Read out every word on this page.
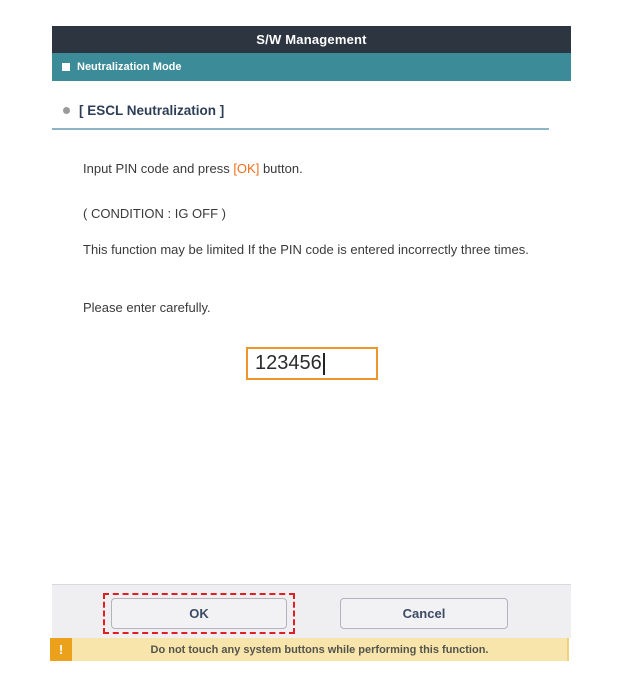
S/W Management
Neutralization Mode
[ ESCL Neutralization ]
Input PIN code and press [OK] button.
( CONDITION : IG OFF )
This function may be limited If the PIN code is entered incorrectly three times.
Please enter carefully.
123456
OK	Cancel
!	Do not touch any system buttons while performing this function.
